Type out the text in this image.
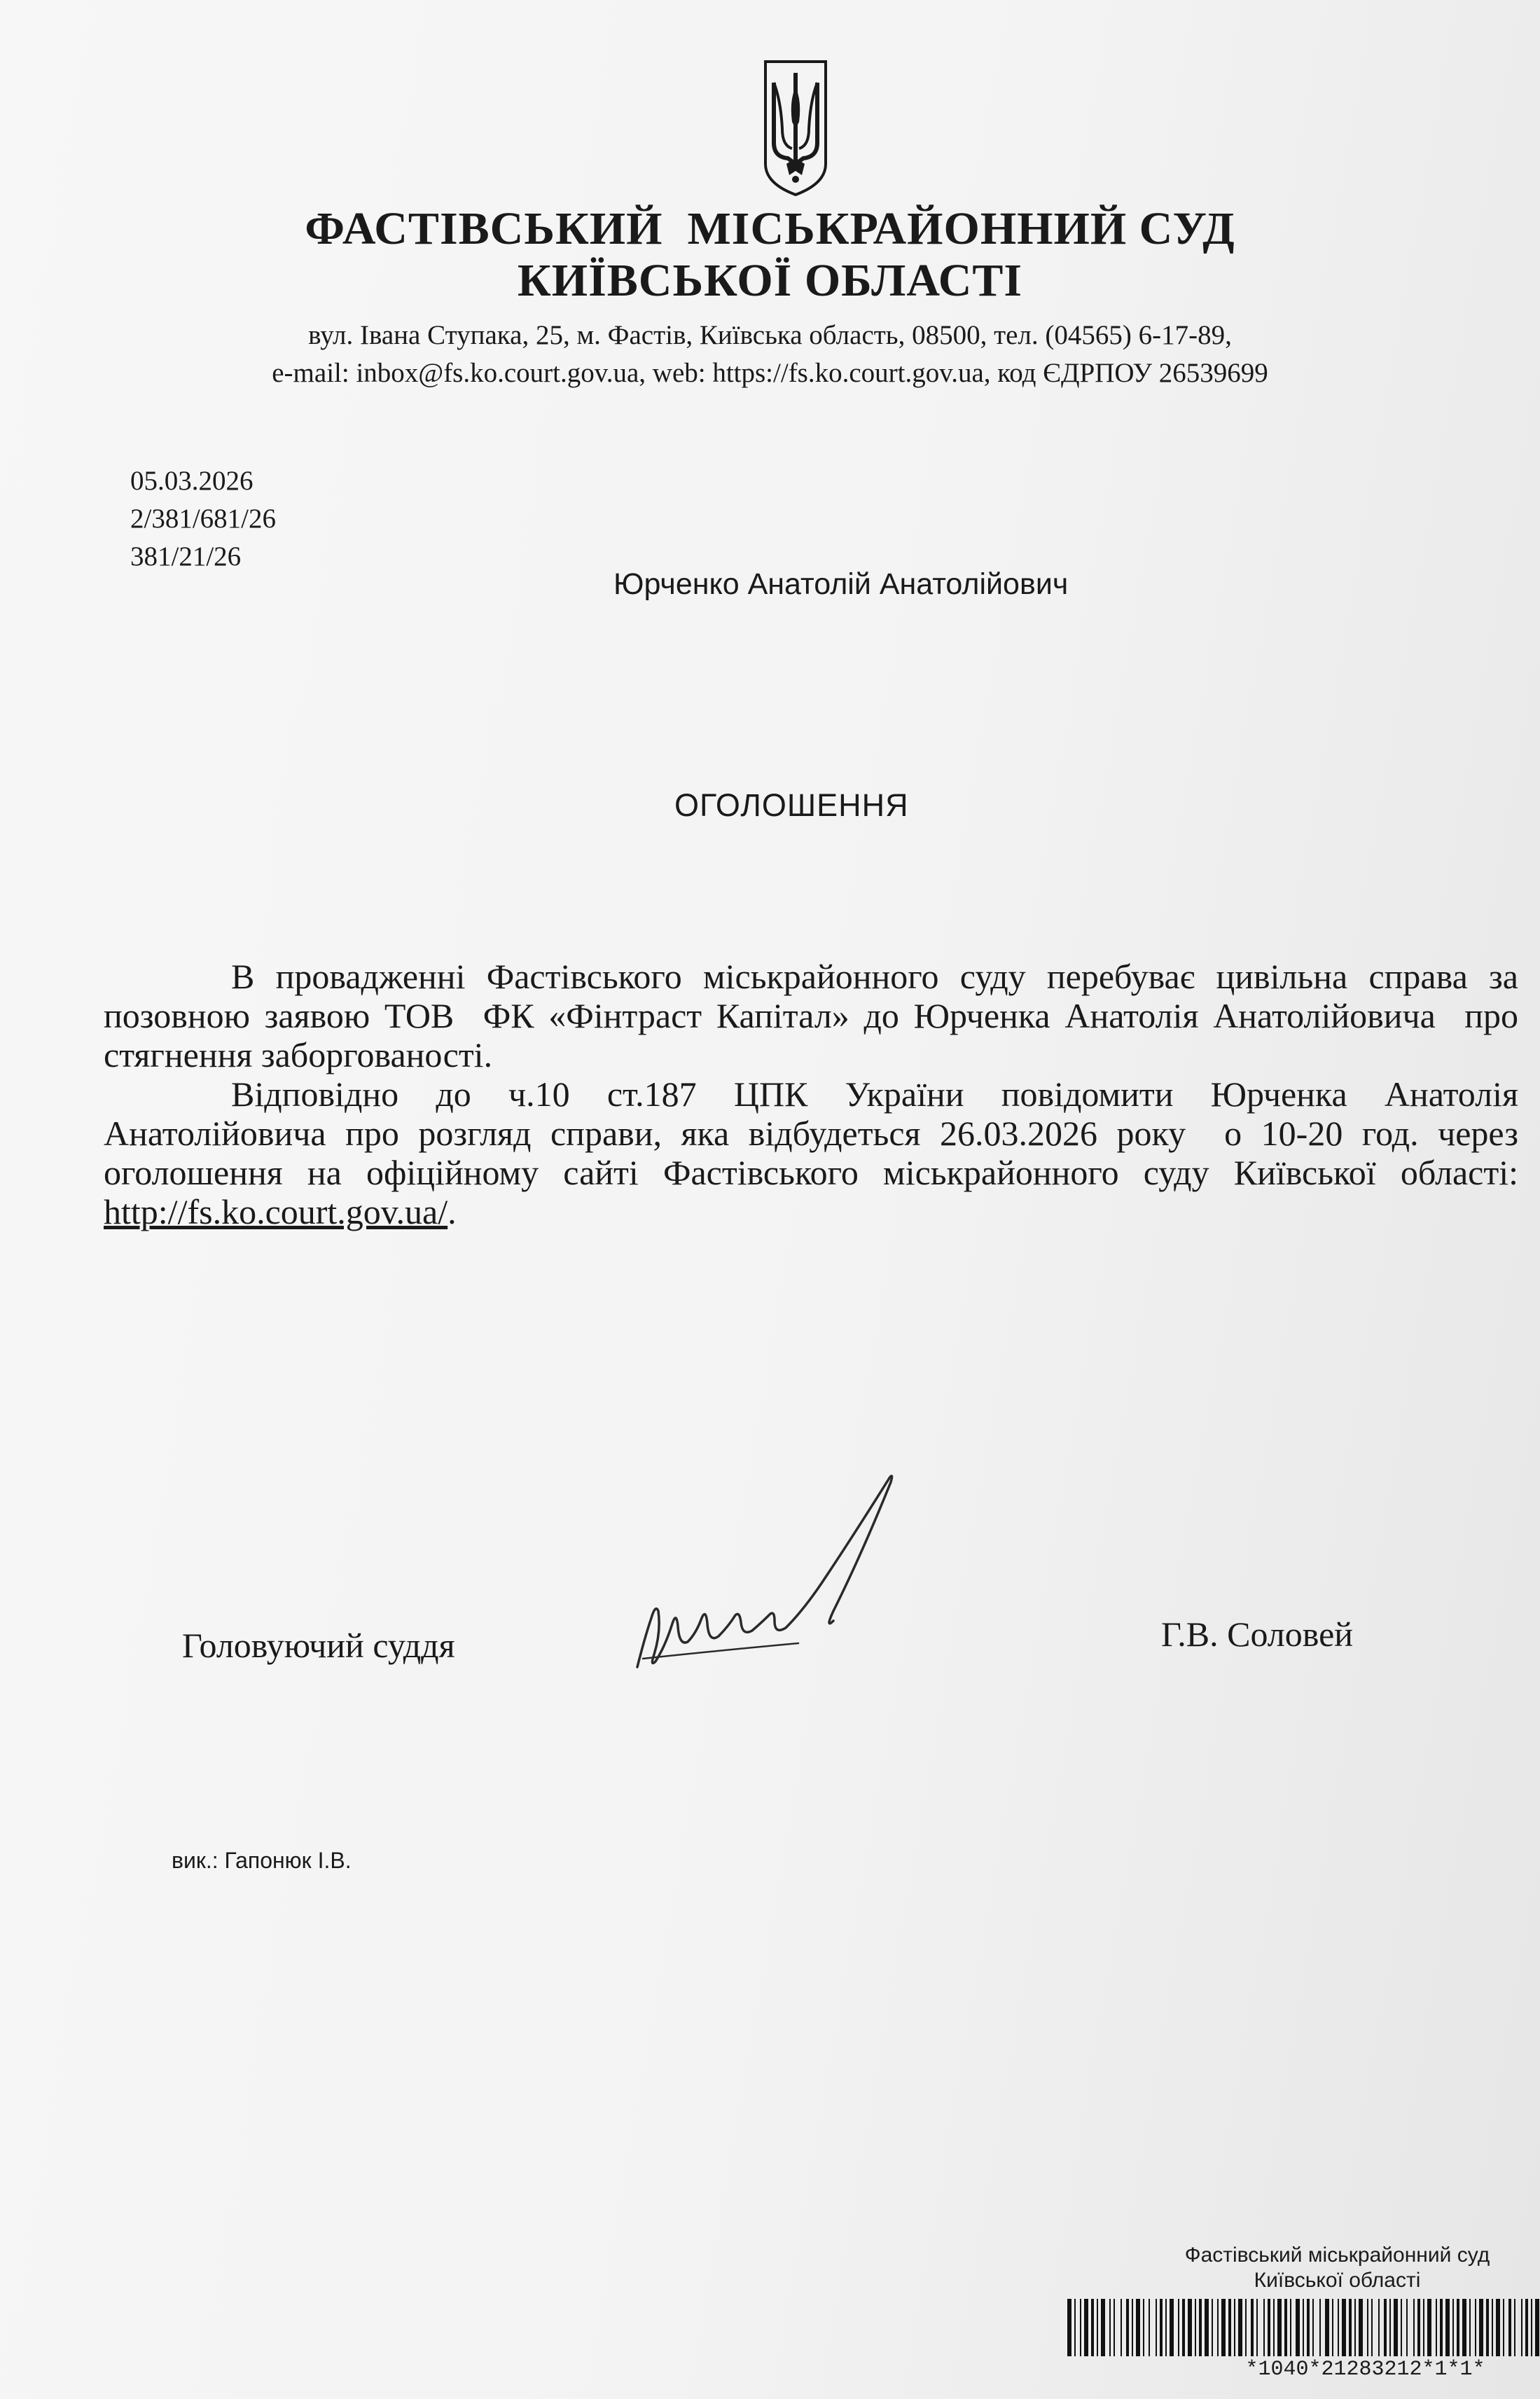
ФАСТІВСЬКИЙ  МІСЬКРАЙОННИЙ СУД
КИЇВСЬКОЇ ОБЛАСТІ
вул. Івана Ступака, 25, м. Фастів, Київська область, 08500, тел. (04565) 6-17-89,
e-mail: inbox@fs.ko.court.gov.ua, web: https://fs.ko.court.gov.ua, код ЄДРПОУ 26539699
05.03.2026
2/381/681/26
381/21/26
Юрченко Анатолій Анатолійович
ОГОЛОШЕННЯ

В провадженні Фастівського міськрайонного суду перебуває цивільна справа за позовною заявою ТОВ  ФК «Фінтраст Капітал» до Юрченка Анатолія Анатолійовича  про стягнення заборгованості.

Відповідно до ч.10 ст.187 ЦПК України повідомити Юрченка Анатолія Анатолійовича про розгляд справи, яка відбудеться 26.03.2026 року  о 10-20 год. через оголошення на офіційному сайті Фастівського міськрайонного суду Київської області: http://fs.ko.court.gov.ua/.

Головуючий суддя	Г.В. Соловей
вик.: Гапонюк І.В.
Фастівський міськрайонний суд
Київської області
*1040*21283212*1*1*
